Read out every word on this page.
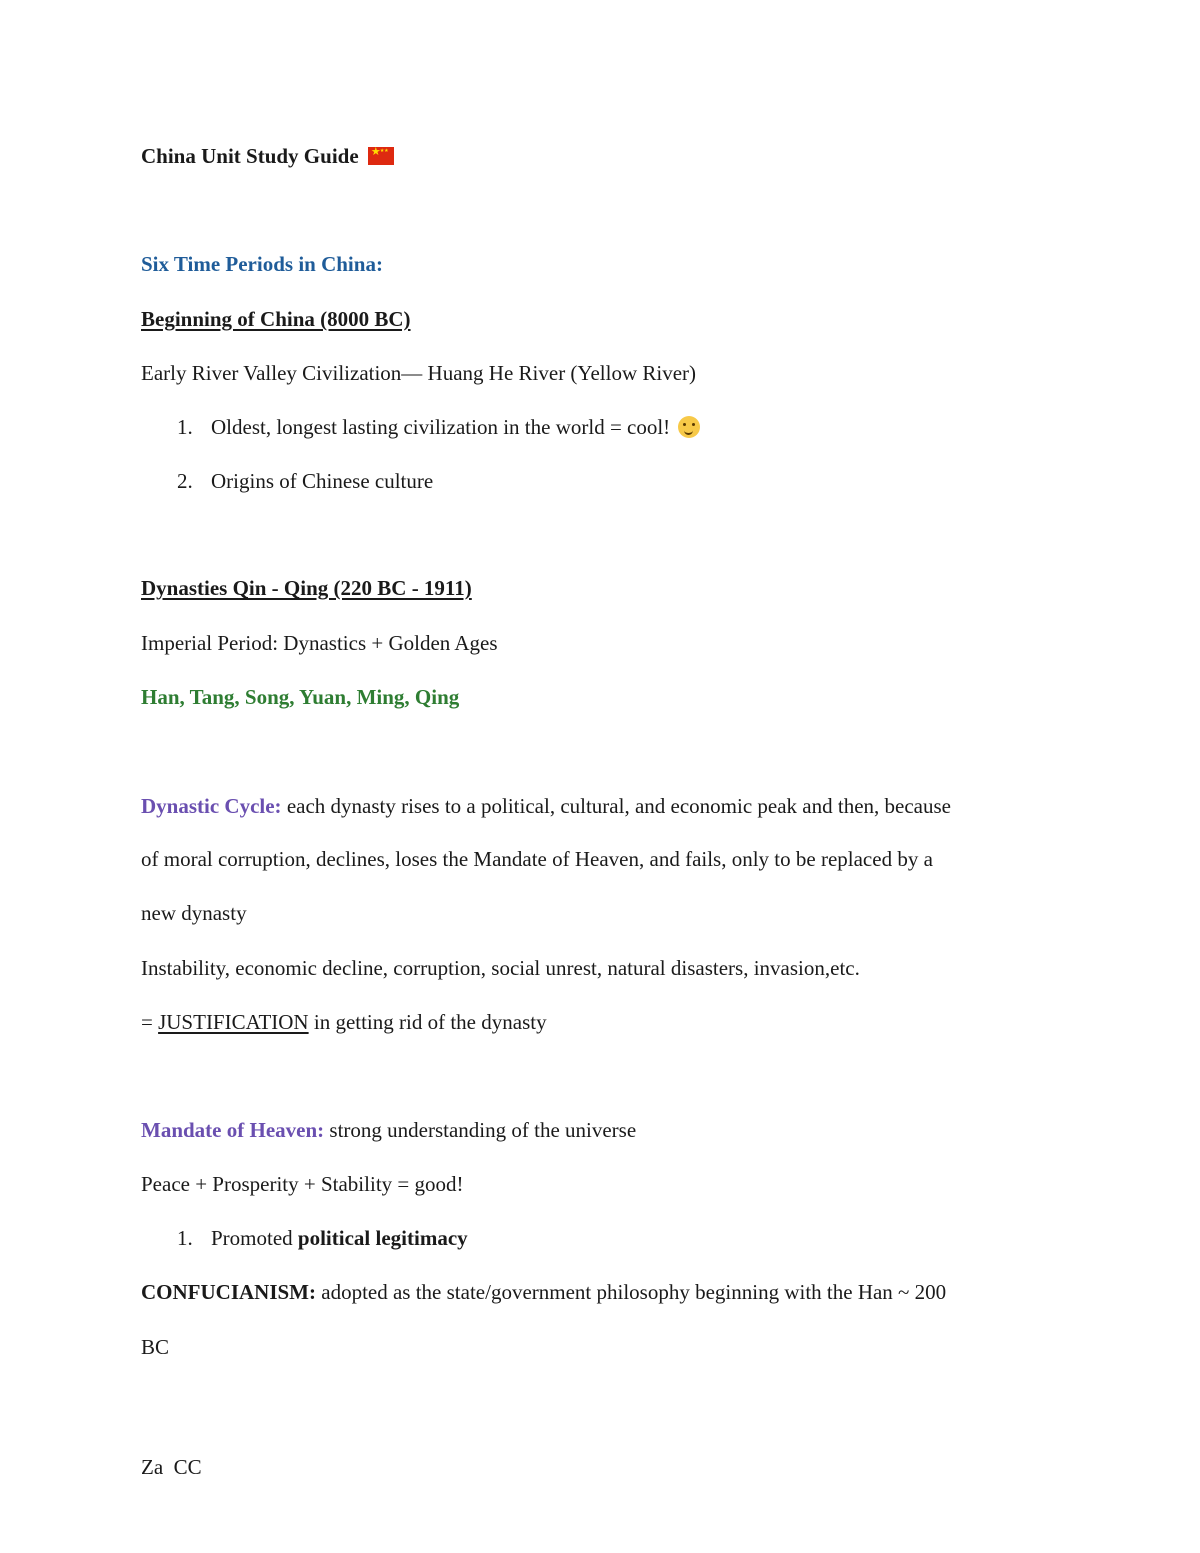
China Unit Study Guide ★ ★ ★
Six Time Periods in China:
Beginning of China (8000 BC)
Early River Valley Civilization— Huang He River (Yellow River)
1. Oldest, longest lasting civilization in the world = cool!
2. Origins of Chinese culture
Dynasties Qin - Qing (220 BC - 1911)
Imperial Period: Dynastics + Golden Ages
Han, Tang, Song, Yuan, Ming, Qing
Dynastic Cycle: each dynasty rises to a political, cultural, and economic peak and then, because
of moral corruption, declines, loses the Mandate of Heaven, and fails, only to be replaced by a
new dynasty
Instability, economic decline, corruption, social unrest, natural disasters, invasion,etc.
= JUSTIFICATION in getting rid of the dynasty
Mandate of Heaven: strong understanding of the universe
Peace + Prosperity + Stability = good!
1. Promoted political legitimacy
CONFUCIANISM: adopted as the state/government philosophy beginning with the Han ~ 200
BC
Za  CC
